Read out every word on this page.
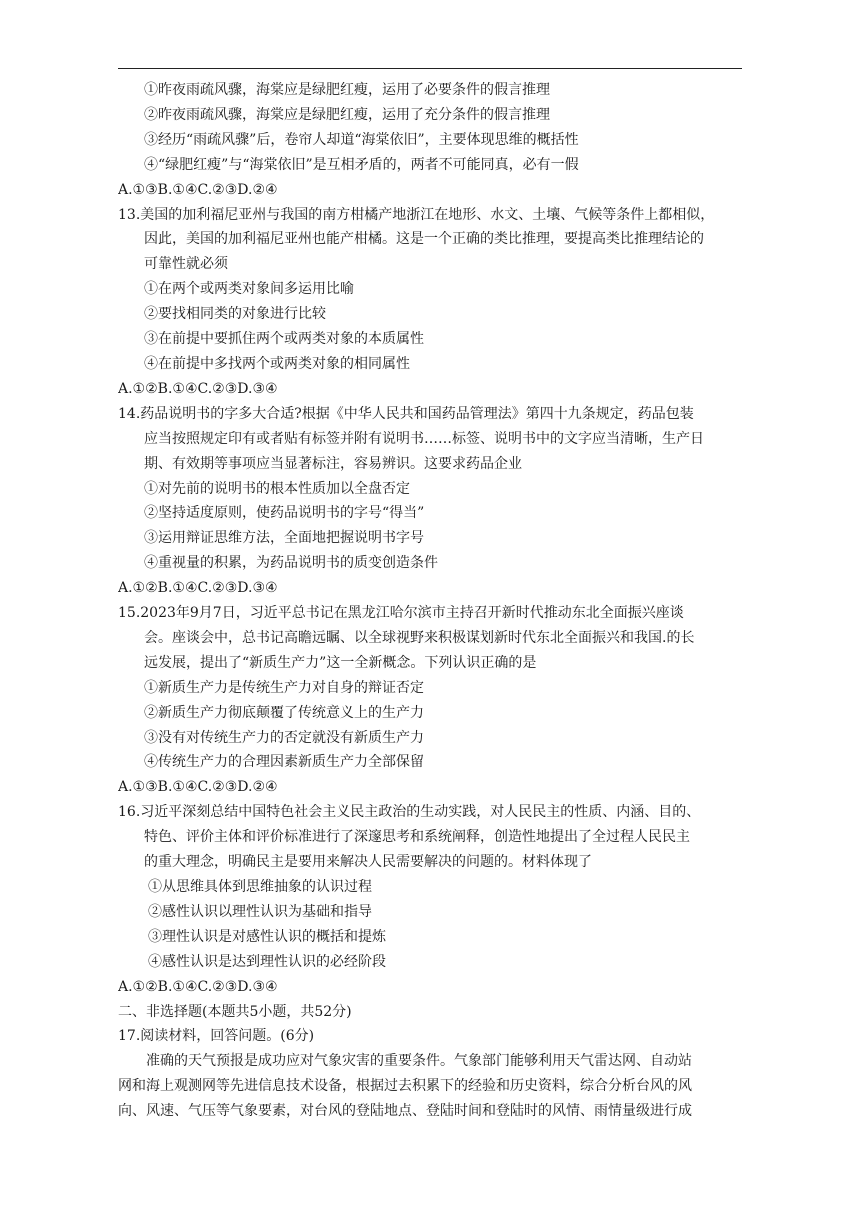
①昨夜雨疏风骤，海棠应是绿肥红瘦，运用了必要条件的假言推理
②昨夜雨疏风骤，海棠应是绿肥红瘦，运用了充分条件的假言推理
③经历“雨疏风骤”后，卷帘人却道“海棠依旧”，主要体现思维的概括性
④“绿肥红瘦”与“海棠依旧”是互相矛盾的，两者不可能同真，必有一假
A.①③B.①④C.②③D.②④
13.美国的加利福尼亚州与我国的南方柑橘产地浙江在地形、水文、土壤、气候等条件上都相似，
因此，美国的加利福尼亚州也能产柑橘。这是一个正确的类比推理，要提高类比推理结论的
可靠性就必须
①在两个或两类对象间多运用比喻
②要找相同类的对象进行比较
③在前提中要抓住两个或两类对象的本质属性
④在前提中多找两个或两类对象的相同属性
A.①②B.①④C.②③D.③④
14.药品说明书的字多大合适?根据《中华人民共和国药品管理法》第四十九条规定，药品包装
应当按照规定印有或者贴有标签并附有说明书……标签、说明书中的文字应当清晰，生产日
期、有效期等事项应当显著标注，容易辨识。这要求药品企业
①对先前的说明书的根本性质加以全盘否定
②坚持适度原则，使药品说明书的字号“得当”
③运用辩证思维方法，全面地把握说明书字号
④重视量的积累，为药品说明书的质变创造条件
A.①②B.①④C.②③D.③④
15.2023年9月7日，习近平总书记在黑龙江哈尔滨市主持召开新时代推动东北全面振兴座谈
会。座谈会中，总书记高瞻远瞩、以全球视野来积极谋划新时代东北全面振兴和我国.的长
远发展，提出了“新质生产力”这一全新概念。下列认识正确的是
①新质生产力是传统生产力对自身的辩证否定
②新质生产力彻底颠覆了传统意义上的生产力
③没有对传统生产力的否定就没有新质生产力
④传统生产力的合理因素新质生产力全部保留
A.①③B.①④C.②③D.②④
16.习近平深刻总结中国特色社会主义民主政治的生动实践，对人民民主的性质、内涵、目的、
特色、评价主体和评价标准进行了深邃思考和系统阐释，创造性地提出了全过程人民民主
的重大理念，明确民主是要用来解决人民需要解决的问题的。材料体现了
①从思维具体到思维抽象的认识过程
②感性认识以理性认识为基础和指导
③理性认识是对感性认识的概括和提炼
④感性认识是达到理性认识的必经阶段
A.①②B.①④C.②③D.③④
二、非选择题(本题共5小题，共52分)
17.阅读材料，回答问题。(6分)
准确的天气预报是成功应对气象灾害的重要条件。气象部门能够利用天气雷达网、自动站
网和海上观测网等先进信息技术设备，根据过去积累下的经验和历史资料，综合分析台风的风
向、风速、气压等气象要素，对台风的登陆地点、登陆时间和登陆时的风情、雨情量级进行成
